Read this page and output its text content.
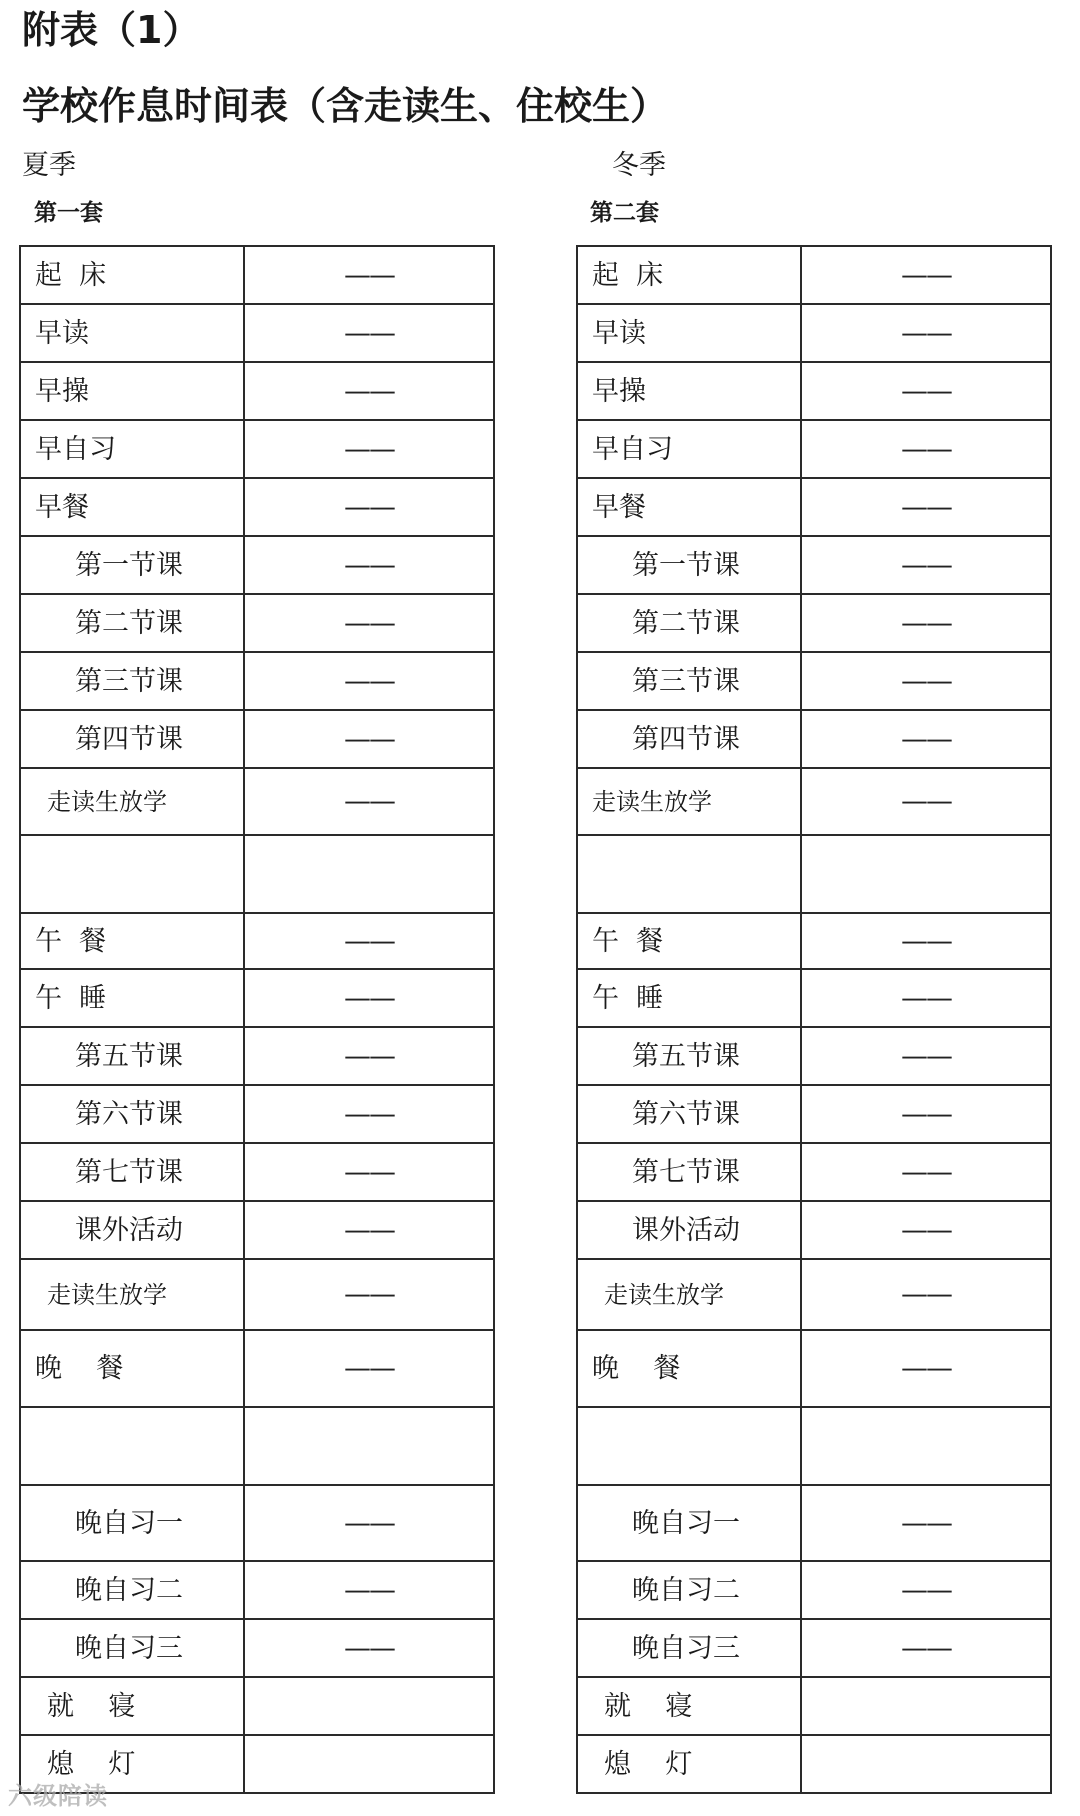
附表（1）
学校作息时间表（含走读生、住校生）
夏季	冬季
第一套	第二套
起  床	——
早读	——
早操	——
早自习	——
早餐	——
第一节课	——
第二节课	——
第三节课	——
第四节课	——
走读生放学	——

午  餐	——
午  睡	——
第五节课	——
第六节课	——
第七节课	——
课外活动	——
走读生放学	——
晚    餐	——

晚自习一	——
晚自习二	——
晚自习三	——
就    寝	
熄    灯	
起  床	——
早读	——
早操	——
早自习	——
早餐	——
第一节课	——
第二节课	——
第三节课	——
第四节课	——
走读生放学	——

午  餐	——
午  睡	——
第五节课	——
第六节课	——
第七节课	——
课外活动	——
走读生放学	——
晚    餐	——

晚自习一	——
晚自习二	——
晚自习三	——
就    寝	
熄    灯	
六级陪读
